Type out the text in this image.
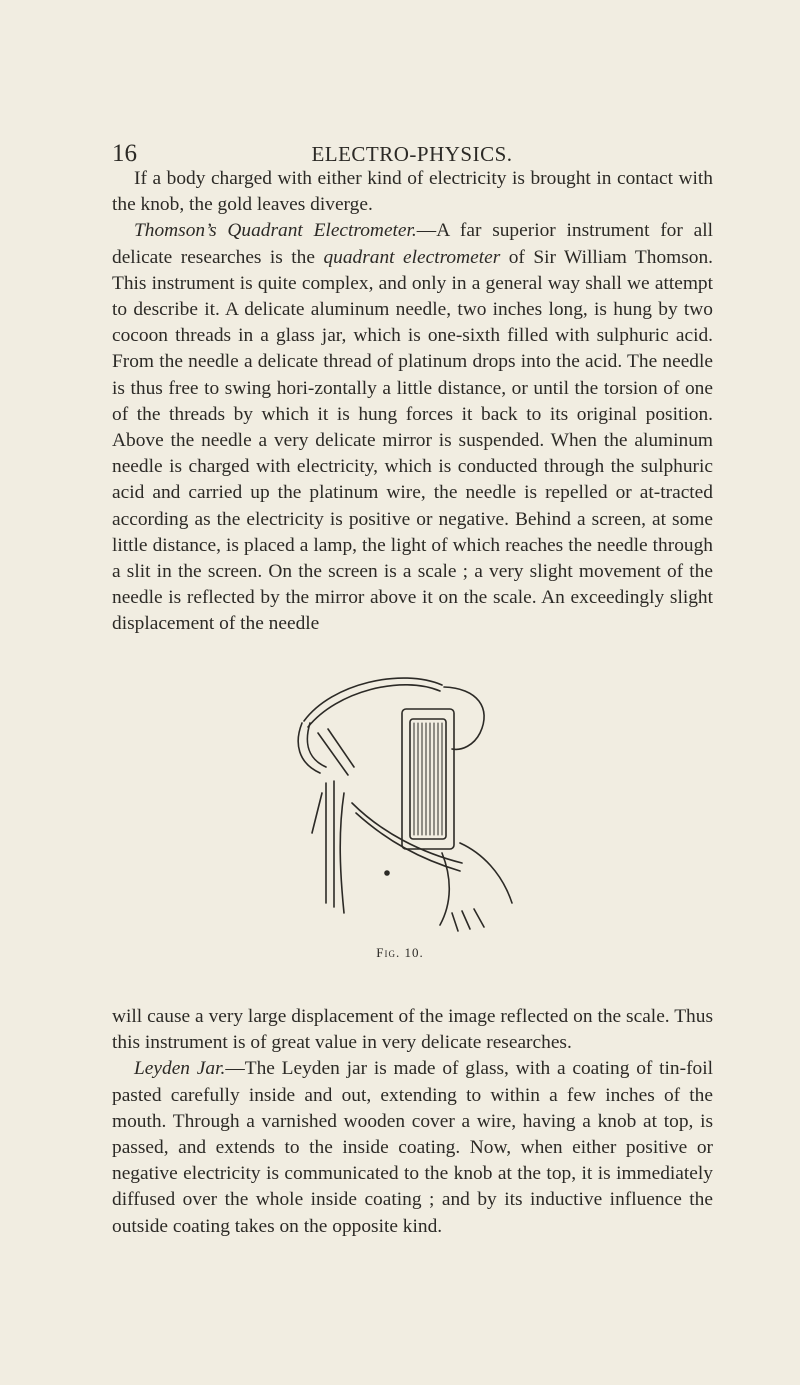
16	ELECTRO-PHYSICS.

If a body charged with either kind of electricity is brought in contact with the knob, the gold leaves diverge.

Thomson’s Quadrant Electrometer.—A far superior instrument for all delicate researches is the quadrant electrometer of Sir William Thomson. This instrument is quite complex, and only in a general way shall we attempt to describe it. A delicate aluminum needle, two inches long, is hung by two cocoon threads in a glass jar, which is one-sixth filled with sulphuric acid. From the needle a delicate thread of platinum drops into the acid. The needle is thus free to swing hori-zontally a little distance, or until the torsion of one of the threads by which it is hung forces it back to its original position. Above the needle a very delicate mirror is suspended. When the aluminum needle is charged with electricity, which is conducted through the sulphuric acid and carried up the platinum wire, the needle is repelled or at-tracted according as the electricity is positive or negative. Behind a screen, at some little distance, is placed a lamp, the light of which reaches the needle through a slit in the screen. On the screen is a scale ; a very slight movement of the needle is reflected by the mirror above it on the scale. An exceedingly slight displacement of the needle

Fig. 10.

will cause a very large displacement of the image reflected on the scale. Thus this instrument is of great value in very delicate researches.

Leyden Jar.—The Leyden jar is made of glass, with a coating of tin-foil pasted carefully inside and out, extending to within a few inches of the mouth. Through a varnished wooden cover a wire, having a knob at top, is passed, and extends to the inside coating. Now, when either positive or negative electricity is communicated to the knob at the top, it is immediately diffused over the whole inside coating ; and by its inductive influence the outside coating takes on the opposite kind.
